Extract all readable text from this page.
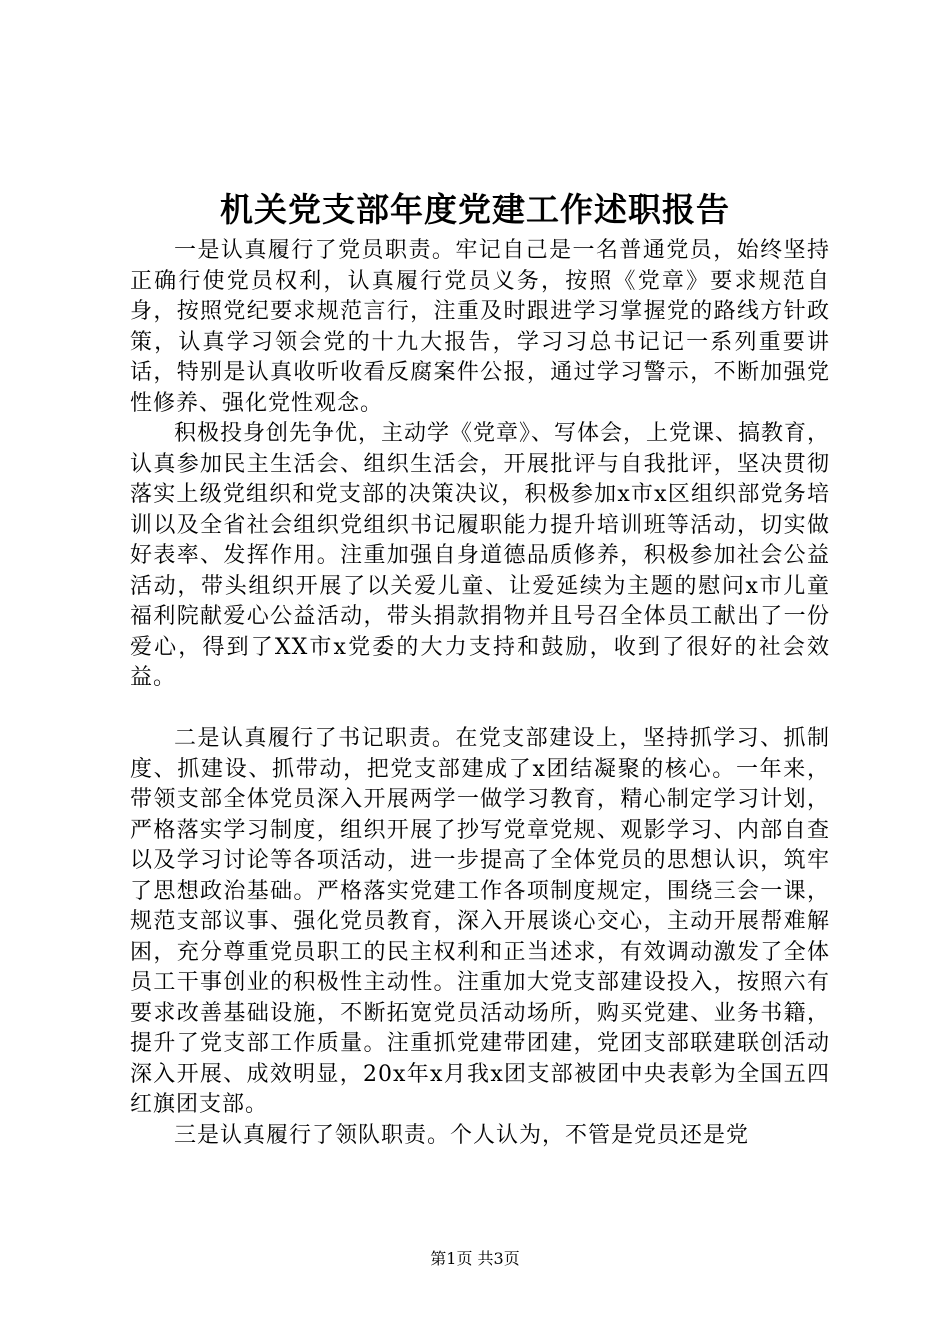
机关党支部年度党建工作述职报告

一是认真履行了党员职责。牢记自己是一名普通党员，始终坚持正确行使党员权利，认真履行党员义务，按照《党章》要求规范自身，按照党纪要求规范言行，注重及时跟进学习掌握党的路线方针政策，认真学习领会党的十九大报告，学习习总书记记一系列重要讲话，特别是认真收听收看反腐案件公报，通过学习警示，不断加强党性修养、强化党性观念。

积极投身创先争优，主动学《党章》、写体会，上党课、搞教育，认真参加民主生活会、组织生活会，开展批评与自我批评，坚决贯彻落实上级党组织和党支部的决策决议，积极参加x市x区组织部党务培训以及全省社会组织党组织书记履职能力提升培训班等活动，切实做好表率、发挥作用。注重加强自身道德品质修养，积极参加社会公益活动，带头组织开展了以关爱儿童、让爱延续为主题的慰问x市儿童福利院献爱心公益活动，带头捐款捐物并且号召全体员工献出了一份爱心，得到了XX市x党委的大力支持和鼓励，收到了很好的社会效益。

二是认真履行了书记职责。在党支部建设上，坚持抓学习、抓制度、抓建设、抓带动，把党支部建成了x团结凝聚的核心。一年来，带领支部全体党员深入开展两学一做学习教育，精心制定学习计划，严格落实学习制度，组织开展了抄写党章党规、观影学习、内部自查以及学习讨论等各项活动，进一步提高了全体党员的思想认识，筑牢了思想政治基础。严格落实党建工作各项制度规定，围绕三会一课，规范支部议事、强化党员教育，深入开展谈心交心，主动开展帮难解困，充分尊重党员职工的民主权利和正当述求，有效调动激发了全体员工干事创业的积极性主动性。注重加大党支部建设投入，按照六有要求改善基础设施，不断拓宽党员活动场所，购买党建、业务书籍，提升了党支部工作质量。注重抓党建带团建，党团支部联建联创活动深入开展、成效明显，20x年x月我x团支部被团中央表彰为全国五四红旗团支部。

三是认真履行了领队职责。个人认为，不管是党员还是党

第1页 共3页
